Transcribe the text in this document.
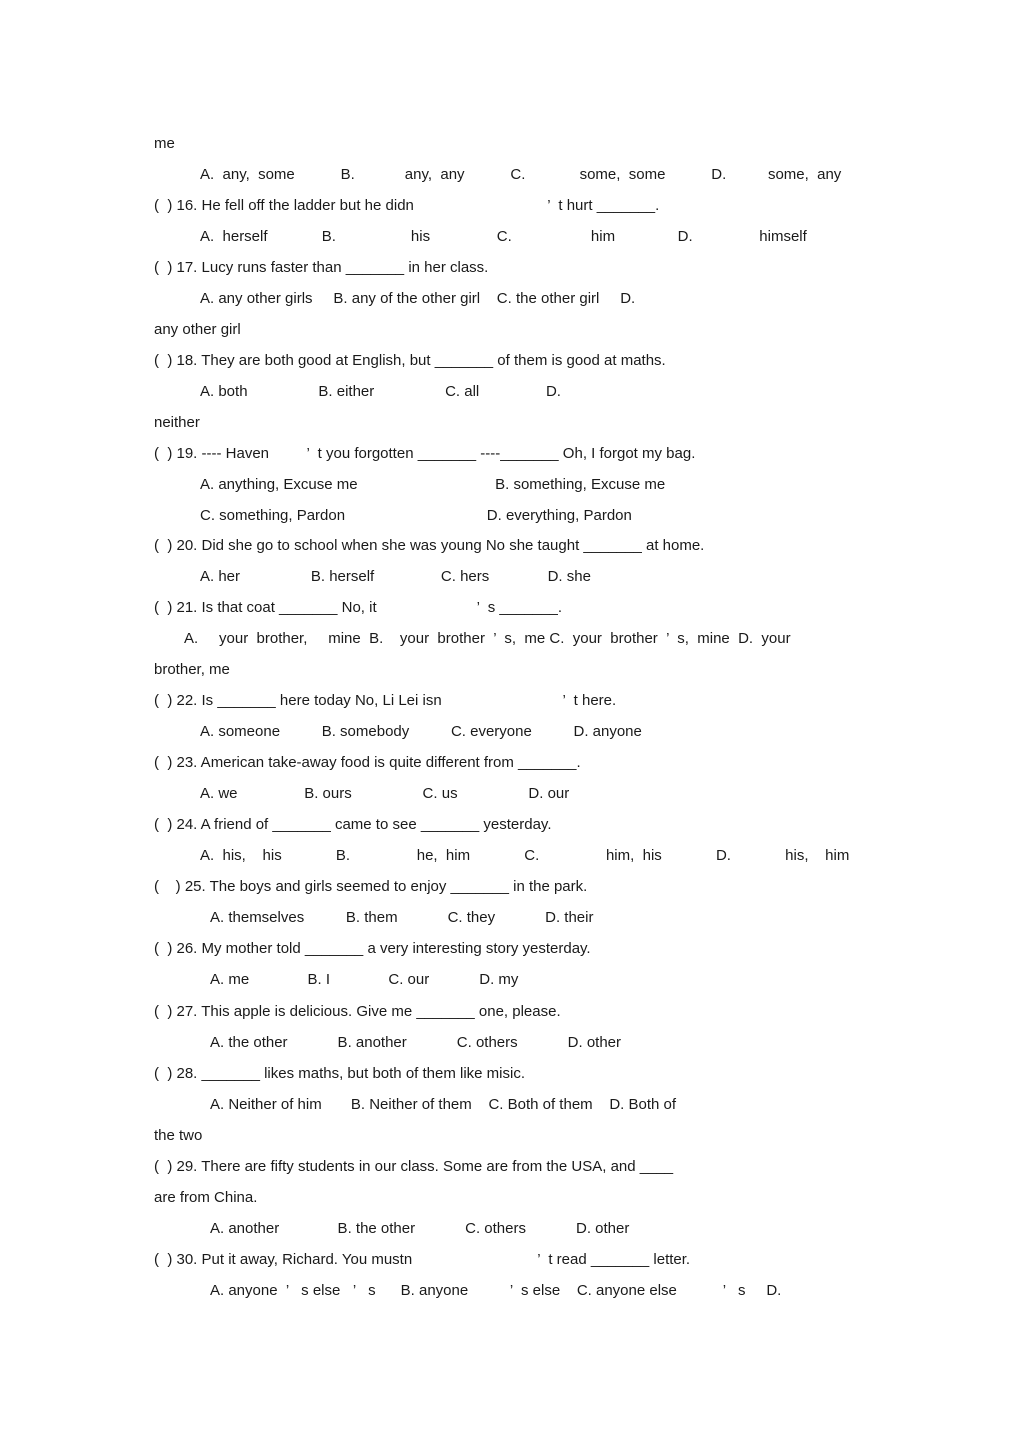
me
A.  any,  some           B.            any,  any           C.             some,  some           D.          some,  any
(  ) 16. He fell off the ladder but he didn                                ’  t hurt _______.
A.  herself             B.                  his                C.                   him               D.                himself
(  ) 17. Lucy runs faster than _______ in her class.
A. any other girls     B. any of the other girl    C. the other girl     D.
any other girl
(  ) 18. They are both good at English, but _______ of them is good at maths.
A. both                 B. either                 C. all                D.
neither
(  ) 19. ---- Haven         ’  t you forgotten _______ ----_______ Oh, I forgot my bag.
A. anything, Excuse me                                 B. something, Excuse me
C. something, Pardon                                  D. everything, Pardon
(  ) 20. Did she go to school when she was young No she taught _______ at home.
A. her                 B. herself                C. hers              D. she
(  ) 21. Is that coat _______ No, it                        ’  s _______.
A.     your  brother,     mine  B.    your  brother  ’  s,  me C.  your  brother  ’  s,  mine  D.  your
brother, me
(  ) 22. Is _______ here today No, Li Lei isn                             ’  t here.
A. someone          B. somebody          C. everyone          D. anyone
(  ) 23. American take-away food is quite different from _______.
A. we                B. ours                 C. us                 D. our
(  ) 24. A friend of _______ came to see _______ yesterday.
A.  his,    his             B.                he,  him             C.                him,  his             D.             his,    him
(    ) 25. The boys and girls seemed to enjoy _______ in the park.
A. themselves          B. them            C. they            D. their
(  ) 26. My mother told _______ a very interesting story yesterday.
A. me              B. I              C. our            D. my
(  ) 27. This apple is delicious. Give me _______ one, please.
A. the other            B. another            C. others            D. other
(  ) 28. _______ likes maths, but both of them like misic.
A. Neither of him       B. Neither of them    C. Both of them    D. Both of
the two
(  ) 29. There are fifty students in our class. Some are from the USA, and ____
are from China.
A. another              B. the other            C. others            D. other
(  ) 30. Put it away, Richard. You mustn                              ’  t read _______ letter.
A. anyone  ’   s else   ’   s      B. anyone          ’  s else    C. anyone else           ’   s     D.
